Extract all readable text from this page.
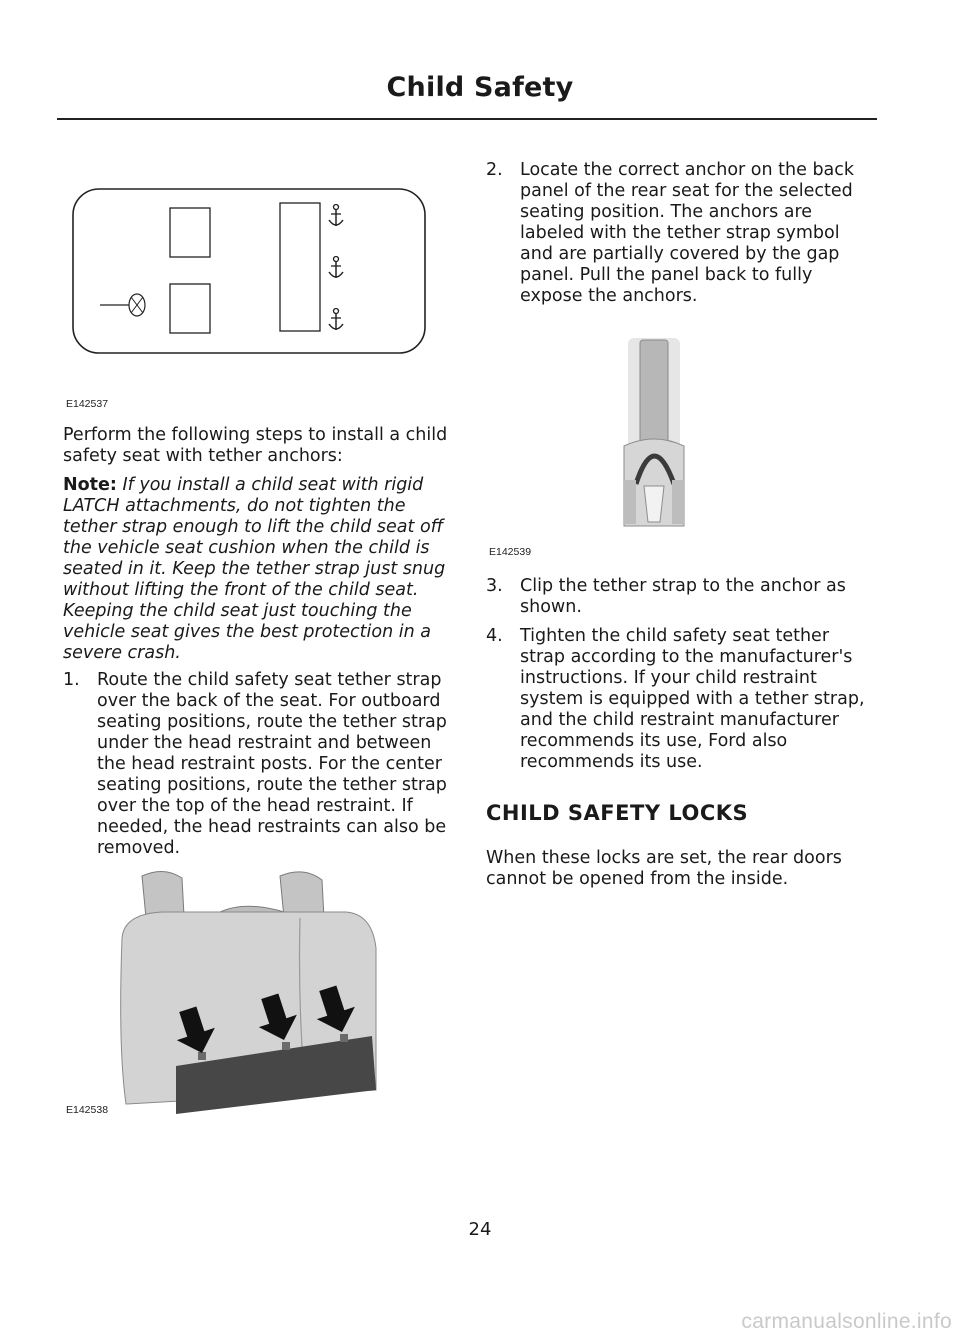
Child Safety
E142537
Perform the following steps to install a child safety seat with tether anchors:
Note: If you install a child seat with rigid LATCH attachments, do not tighten the tether strap enough to lift the child seat off the vehicle seat cushion when the child is seated in it. Keep the tether strap just snug without lifting the front of the child seat. Keeping the child seat just touching the vehicle seat gives the best protection in a severe crash.
1. Route the child safety seat tether strap over the back of the seat. For outboard seating positions, route the tether strap under the head restraint and between the head restraint posts. For the center seating positions, route the tether strap over the top of the head restraint. If needed, the head restraints can also be removed.
E142538
2. Locate the correct anchor on the back panel of the rear seat for the selected seating position. The anchors are labeled with the tether strap symbol and are partially covered by the gap panel. Pull the panel back to fully expose the anchors.
E142539
3. Clip the tether strap to the anchor as shown.
4. Tighten the child safety seat tether strap according to the manufacturer's instructions. If your child restraint system is equipped with a tether strap, and the child restraint manufacturer recommends its use, Ford also recommends its use.
CHILD SAFETY LOCKS
When these locks are set, the rear doors cannot be opened from the inside.
24
carmanualsonline.info
